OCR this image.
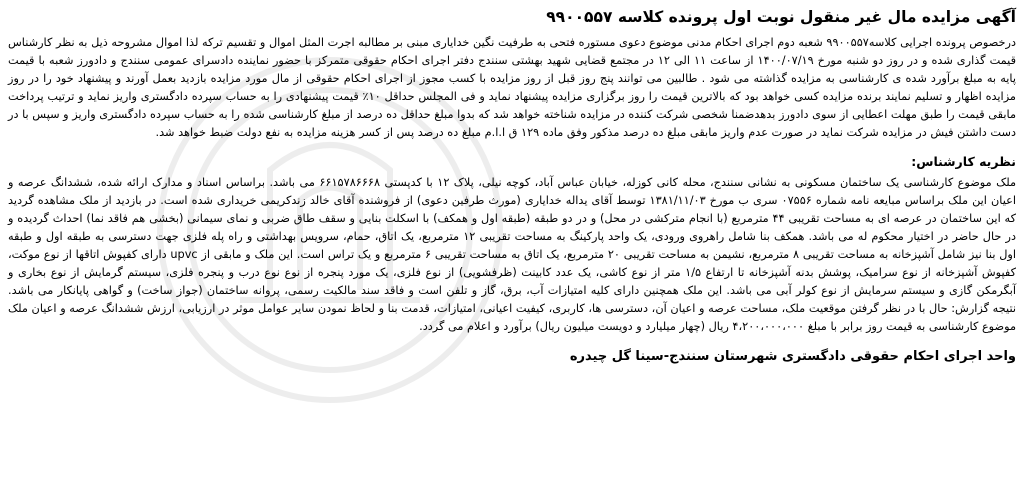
آگهی مزایده مال غیر منقول نوبت اول پرونده کلاسه ۹۹۰۰۵۵۷

درخصوص پرونده اجرایی کلاسه۹۹۰۰۵۵۷ شعبه دوم اجرای احکام مدنی موضوع دعوی مستوره فتحی به طرفیت نگین خدایاری مبنی بر مطالبه اجرت المثل اموال و تقسیم ترکه لذا اموال مشروحه ذیل به نظر کارشناس قیمت گذاری شده و در روز دو شنبه مورخ ۱۴۰۰/۰۷/۱۹ از ساعت ۱۱ الی ۱۲ در مجتمع قضایی شهید بهشتی سنندج دفتر اجرای احکام حقوقی متمرکز با حضور نماینده دادسرای عمومی سنندج و دادورز شعبه با قیمت پایه به مبلغ برآورد شده ی کارشناسی به مزایده گذاشته می شود . طالبین می توانند پنج روز قبل از روز مزایده با کسب مجوز از اجرای احکام حقوقی از مال مورد مزایده بازدید بعمل آورند و پیشنهاد خود را در روز مزایده اظهار و تسلیم نمایند برنده مزایده کسی خواهد بود که بالاترین قیمت را روز برگزاری مزایده پیشنهاد نماید و فی المجلس حداقل ۱۰٪ قیمت پیشنهادی را به حساب سپرده دادگستری واریز نماید و ترتیب پرداخت مابقی قیمت را طبق مهلت اعطایی از سوی دادورز بدهدضمنا شخصی شرکت کننده در مزایده شناخته خواهد شد که بدوا مبلغ حداقل ده درصد از مبلغ کارشناسی شده را به حساب سپرده دادگستری واریز و سپس با در دست داشتن فیش در مزایده شرکت نماید در صورت عدم واریز مابقی مبلغ ده درصد مذکور وفق ماده ۱۲۹ ق ا.ا.م مبلغ ده درصد پس از کسر هزینه مزایده به نفع دولت ضبط خواهد شد.

نظریه کارشناس:

ملک موضوع کارشناسی یک ساختمان مسکونی به نشانی سنندج، محله کانی کوزله، خیابان عباس آباد، کوچه نیلی، پلاک ۱۲ با کدپستی ۶۶۱۵۷۸۶۶۶۸ می باشد. براساس اسناد و مدارک ارائه شده، ششدانگ عرصه و اعیان این ملک براساس مبایعه نامه شماره ۰۷۵۵۶ سری ب مورخ ۱۳۸۱/۱۱/۰۳ توسط آقای یداله خدایاری (مورث طرفین دعوی) از فروشنده آقای خالد زندکریمی خریداری شده است. در بازدید از ملک مشاهده گردید که این ساختمان در عرصه ای به مساحت تقریبی ۴۴ مترمربع (با انجام مترکشی در محل) و در دو طبقه (طبقه اول و همکف) با اسکلت بنایی و سقف طاق ضربی و نمای سیمانی (بخشی هم فاقد نما) احداث گردیده و در حال حاضر در اختیار محکوم له می باشد. همکف بنا شامل راهروی ورودی، یک واحد پارکینگ به مساحت تقریبی ۱۲ مترمربع، یک اتاق، حمام، سرویس بهداشتی و راه پله فلزی جهت دسترسی به طبقه اول و طبقه اول بنا نیز شامل آشپزخانه به مساحت تقریبی ۸ مترمربع، نشیمن به مساحت تقریبی ۲۰ مترمربع، یک اتاق به مساحت تقریبی ۶ مترمربع و یک تراس است. این ملک و مابقی از upvc دارای کفپوش اتاقها از نوع موکت، کفپوش آشپزخانه از نوع سرامیک، پوشش بدنه آشپزخانه تا ارتفاع ۱/۵ متر از نوع کاشی، یک عدد کابینت (ظرفشویی) از نوع فلزی، یک مورد پنجره از نوع نوع درب و پنجره فلزی، سیستم گرمایش از نوع بخاری و آبگرمکن گازی و سیستم سرمایش از نوع کولر آبی می باشد. این ملک همچنین دارای کلیه امتیازات آب، برق، گاز و تلفن است و فاقد سند مالکیت رسمی، پروانه ساختمان (جواز ساخت) و گواهی پایانکار می باشد. نتیجه گزارش: حال با در نظر گرفتن موقعیت ملک، مساحت عرصه و اعیان آن، دسترسی ها، کاربری، کیفیت اعیانی، امتیازات، قدمت بنا و لحاظ نمودن سایر عوامل موثر در ارزیابی، ارزش ششدانگ عرصه و اعیان ملک موضوع کارشناسی به قیمت روز برابر با مبلغ ۴،۲۰۰،۰۰۰،۰۰۰ ریال (چهار میلیارد و دویست میلیون ریال) برآورد و اعلام می گردد.

واحد اجرای احکام حقوقی دادگستری شهرستان سنندج-سینا گل چیدره
